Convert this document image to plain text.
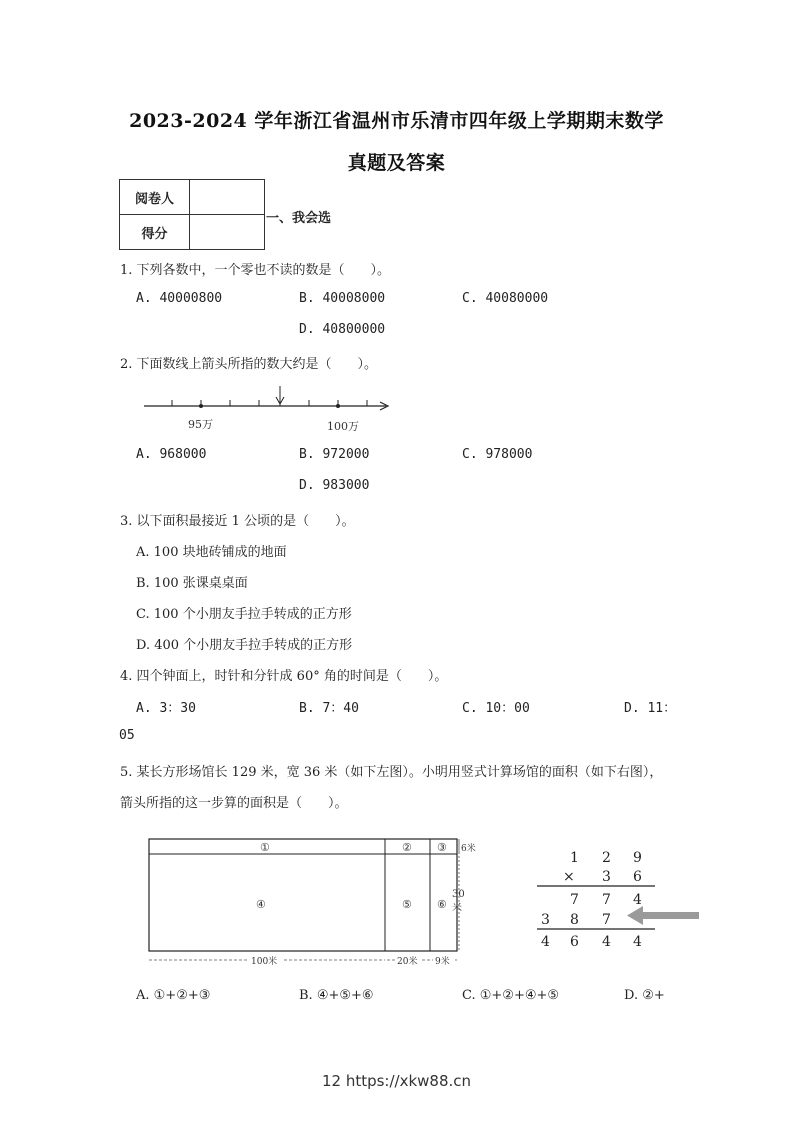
2023-2024 学年浙江省温州市乐清市四年级上学期期末数学
真题及答案
阅卷人	
得分	
一、我会选
1. 下列各数中，一个零也不读的数是（　　）。
A. 40000800	B. 40008000	C. 40080000
D. 40800000
2. 下面数线上箭头所指的数大约是（　　）。
95万	100万
A. 968000	B. 972000	C. 978000
D. 983000
3. 以下面积最接近 1 公顷的是（　　）。
A. 100 块地砖铺成的地面
B. 100 张课桌桌面
C. 100 个小朋友手拉手转成的正方形
D. 400 个小朋友手拉手转成的正方形
4. 四个钟面上，时针和分针成 60° 角的时间是（　　）。
A. 3：30	B. 7：40	C. 10：00	D. 11：
05
5. 某长方形场馆长 129 米，宽 36 米（如下左图）。小明用竖式计算场馆的面积（如下右图），
箭头所指的这一步算的面积是（　　）。
①	② ③
④	⑤ ⑥
6米
30
米
100米	20米 9米
1 2 9
× 3 6
7 7 4
3 8 7
4 6 4 4
A. ①+②+③	B. ④+⑤+⑥	C. ①+②+④+⑤	D. ②+
12 https://xkw88.cn
